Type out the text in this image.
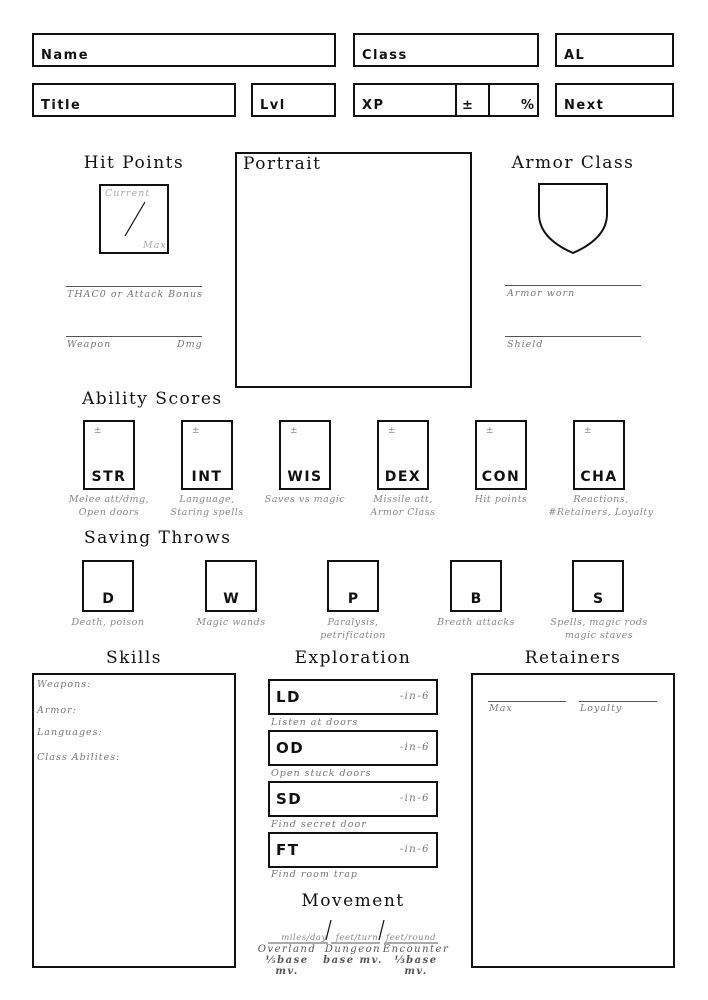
Name	Class	AL
Title	Lvl	XP	±	% Next
Hit Points
Current
Max
THAC0 or Attack Bonus
Weapon	Dmg
Portrait	Armor Class
Armor worn
Shield
Ability Scores
±
STR
±
INT
±
WIS
±
DEX
±
CON
±
CHA
Melee att/dmg,
Open doors
Language,
Staring spells
Saves vs magic	Missile att,
Armor Class
Hit points	Reactions,
#Retainers, Loyalty
Saving Throws
D	W	P	B	S
Death, poison	Magic wands	Paralysis,
petrification
Breath attacks	Spells, magic rods
magic staves
Skills
Weapons:
Armor:
Languages:
Class Abilites:
Exploration
LD	-in-6
Listen at doors
OD	-in-6
Open stuck doors
SD	-in-6
Find secret door
FT	-in-6
Find room trap
Movement
miles/day	feet/turn feet/round
Overland
⅕base mv.
Dungeon
base mv.
Encounter
⅓base mv.
Retainers
Max	Loyalty
